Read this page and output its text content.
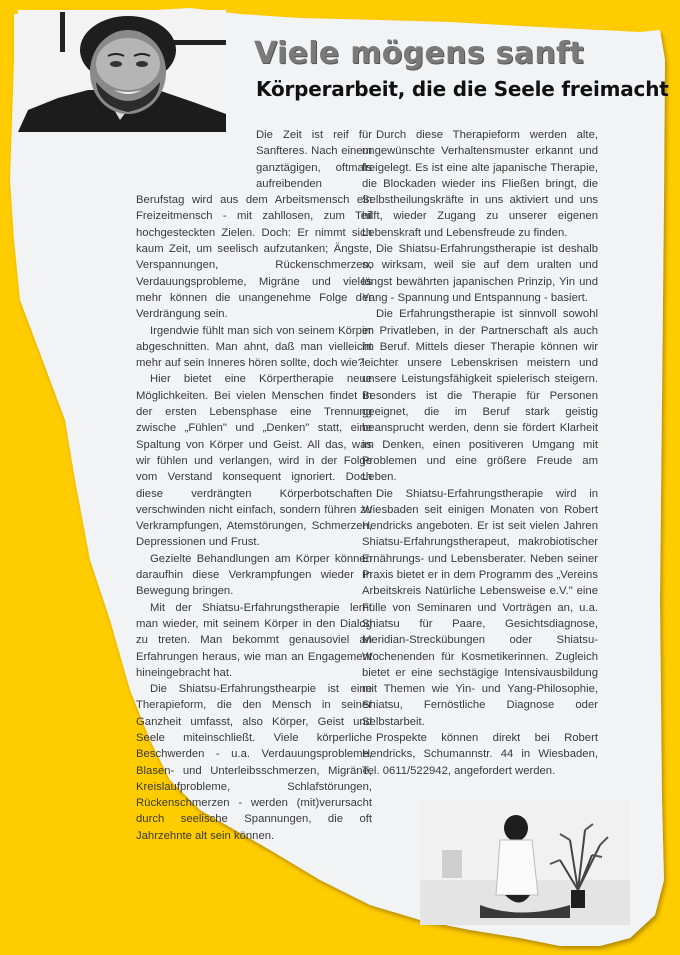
Viele mögens sanft
Körperarbeit, die die Seele freimacht

Die Zeit ist reif für Sanfteres. Nach einem ganztägigen, oftmals aufreibenden Berufstag wird aus dem Arbeitsmensch ein Freizeitmensch - mit zahllosen, zum Teil hochgesteckten Zielen. Doch: Er nimmt sich kaum Zeit, um seelisch aufzutanken; Ängste, Verspannungen, Rückenschmerzen, Verdauungsprobleme, Migräne und vieles mehr können die unangenehme Folge der Verdrängung sein.

Irgendwie fühlt man sich von seinem Körper abgeschnitten. Man ahnt, daß man vielleicht mehr auf sein Inneres hören sollte, doch wie?

Hier bietet eine Körpertherapie neue Möglichkeiten. Bei vielen Menschen findet in der ersten Lebensphase eine Trennung zwische „Fühlen" und „Denken" statt, eine Spaltung von Körper und Geist. All das, was wir fühlen und verlangen, wird in der Folge vom Verstand konsequent ignoriert. Doch diese verdrängten Körperbotschaften verschwinden nicht einfach, sondern führen zu Verkrampfungen, Atemstörungen, Schmerzen, Depressionen und Frust.

Gezielte Behandlungen am Körper können daraufhin diese Verkrampfungen wieder in Bewegung bringen.

Mit der Shiatsu-Erfahrungstherapie lernt man wieder, mit seinem Körper in den Dialog zu treten. Man bekommt genausoviel an Erfahrungen heraus, wie man an Engagement hineingebracht hat.

Die Shiatsu-Erfahrungsthearpie ist eine Therapieform, die den Mensch in seiner Ganzheit umfasst, also Körper, Geist und Seele miteinschließt. Viele körperliche Beschwerden - u.a. Verdauungsprobleme, Blasen- und Unterleibsschmerzen, Migräne, Kreislaufprobleme, Schlafstörungen, Rückenschmerzen - werden (mit)verursacht durch seelische Spannungen, die oft Jahrzehnte alt sein können.

Durch diese Therapieform werden alte, ungewünschte Verhaltensmuster erkannt und freigelegt. Es ist eine alte japanische Therapie, die Blockaden wieder ins Fließen bringt, die Selbstheilungskräfte in uns aktiviert und uns hilft, wieder Zugang zu unserer eigenen Lebenskraft und Lebensfreude zu finden.

Die Shiatsu-Erfahrungstherapie ist deshalb so wirksam, weil sie auf dem uralten und längst bewährten japanischen Prinzip, Yin und Yang - Spannung und Entspannung - basiert.

Die Erfahrungstherapie ist sinnvoll sowohl im Privatleben, in der Partnerschaft als auch im Beruf. Mittels dieser Therapie können wir leichter unsere Lebenskrisen meistern und unsere Leistungsfähigkeit spielerisch steigern. Besonders ist die Therapie für Personen geeignet, die im Beruf stark geistig beansprucht werden, denn sie fördert Klarheit im Denken, einen positiveren Umgang mit Problemen und eine größere Freude am Leben.

Die Shiatsu-Erfahrungstherapie wird in Wiesbaden seit einigen Monaten von Robert Hendricks angeboten. Er ist seit vielen Jahren Shiatsu-Erfahrungstherapeut, makrobiotischer Ernährungs- und Lebensberater. Neben seiner Praxis bietet er in dem Programm des „Vereins Arbeitskreis Natürliche Lebensweise e.V." eine Fülle von Seminaren und Vorträgen an, u.a. Shiatsu für Paare, Gesichtsdiagnose, Meridian-Streckübungen oder Shiatsu-Wochenenden für Kosmetikerinnen. Zugleich bietet er eine sechstägige Intensivausbildung mit Themen wie Yin- und Yang-Philosophie, Shiatsu, Fernöstliche Diagnose oder Selbstarbeit.

Prospekte können direkt bei Robert Hendricks, Schumannstr. 44 in Wiesbaden, Tel. 0611/522942, angefordert werden.
